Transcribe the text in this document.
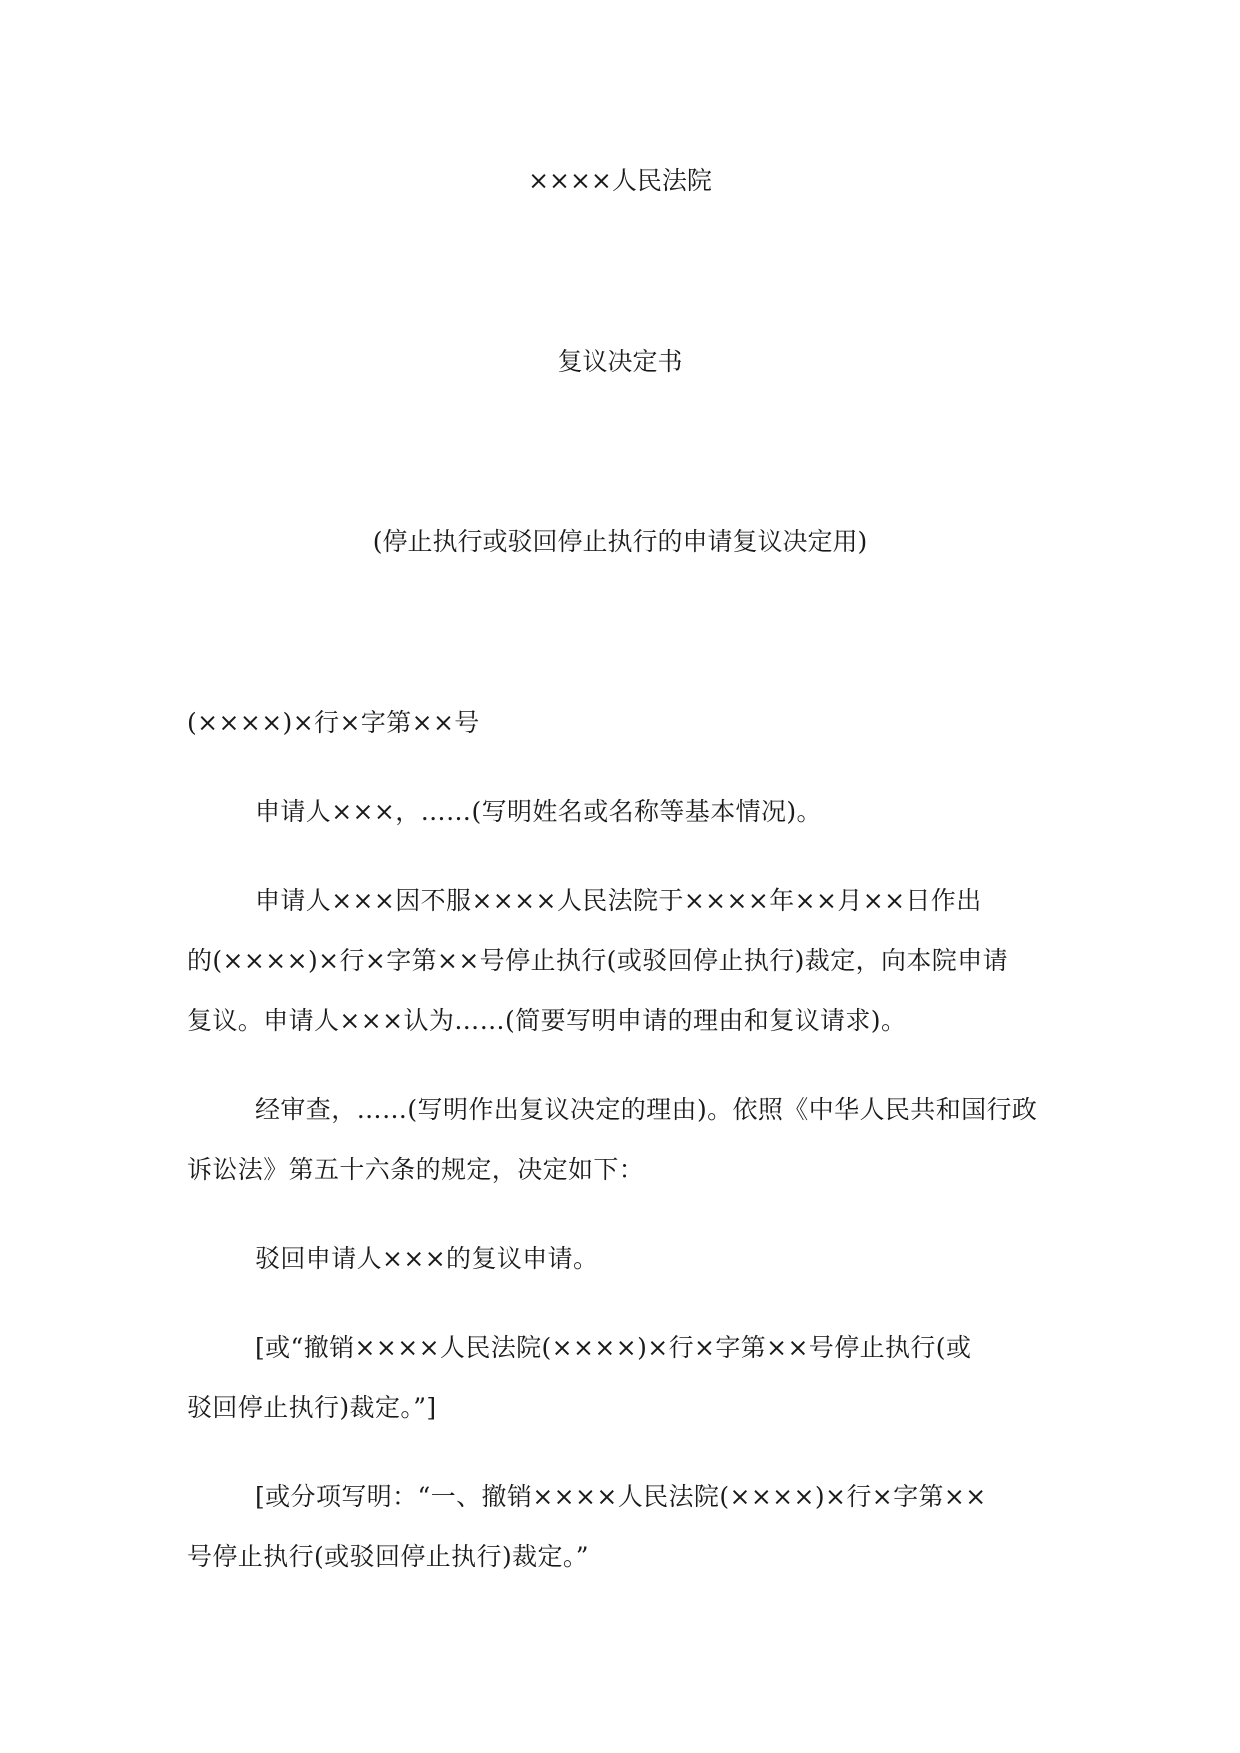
××××人民法院
复议决定书
(停止执行或驳回停止执行的申请复议决定用)
(××××)×行×字第××号
申请人×××，……(写明姓名或名称等基本情况)。
申请人×××因不服××××人民法院于××××年××月××日作出
的(××××)×行×字第××号停止执行(或驳回停止执行)裁定，向本院申请
复议。申请人×××认为……(简要写明申请的理由和复议请求)。
经审查，……(写明作出复议决定的理由)。依照《中华人民共和国行政
诉讼法》第五十六条的规定，决定如下：
驳回申请人×××的复议申请。
[或“撤销××××人民法院(××××)×行×字第××号停止执行(或
驳回停止执行)裁定。”]
[或分项写明：“一、撤销××××人民法院(××××)×行×字第××
号停止执行(或驳回停止执行)裁定。”
